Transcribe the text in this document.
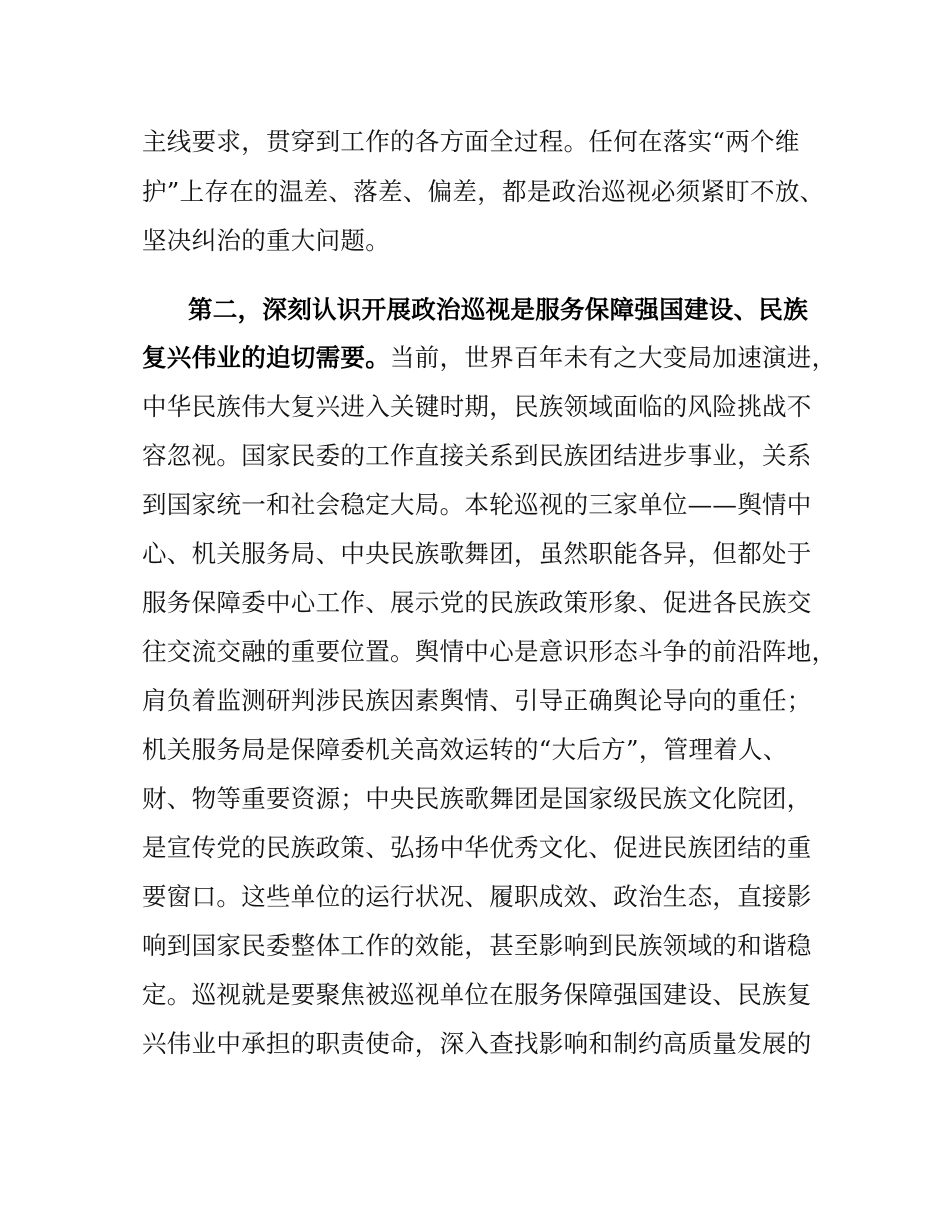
主线要求，贯穿到工作的各方面全过程。任何在落实“两个维
护”上存在的温差、落差、偏差，都是政治巡视必须紧盯不放、
坚决纠治的重大问题。
第二，深刻认识开展政治巡视是服务保障强国建设、民族
复兴伟业的迫切需要。当前，世界百年未有之大变局加速演进，
中华民族伟大复兴进入关键时期，民族领域面临的风险挑战不
容忽视。国家民委的工作直接关系到民族团结进步事业，关系
到国家统一和社会稳定大局。本轮巡视的三家单位——舆情中
心、机关服务局、中央民族歌舞团，虽然职能各异，但都处于
服务保障委中心工作、展示党的民族政策形象、促进各民族交
往交流交融的重要位置。舆情中心是意识形态斗争的前沿阵地，
肩负着监测研判涉民族因素舆情、引导正确舆论导向的重任；
机关服务局是保障委机关高效运转的“大后方”，管理着人、
财、物等重要资源；中央民族歌舞团是国家级民族文化院团，
是宣传党的民族政策、弘扬中华优秀文化、促进民族团结的重
要窗口。这些单位的运行状况、履职成效、政治生态，直接影
响到国家民委整体工作的效能，甚至影响到民族领域的和谐稳
定。巡视就是要聚焦被巡视单位在服务保障强国建设、民族复
兴伟业中承担的职责使命，深入查找影响和制约高质量发展的
